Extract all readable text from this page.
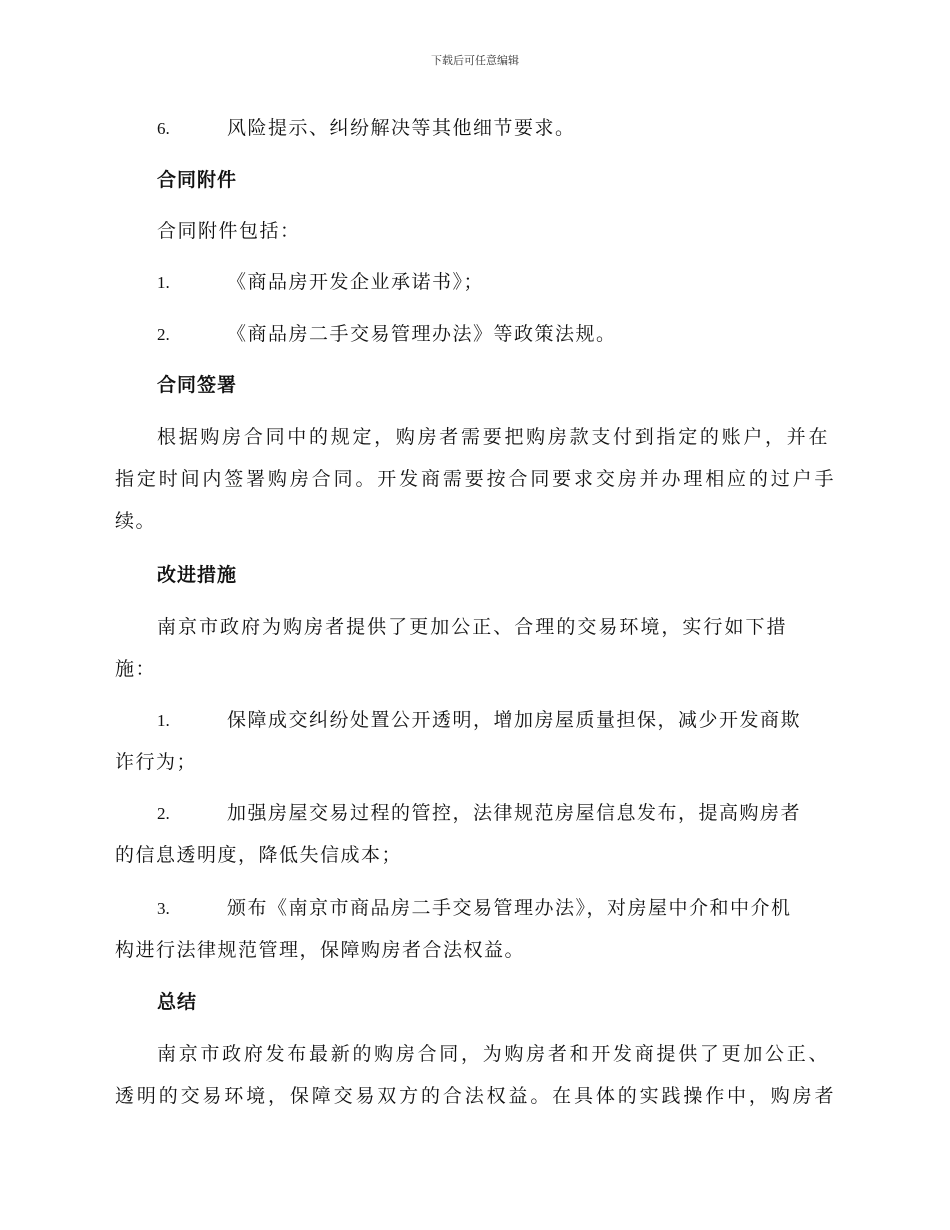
下载后可任意编辑
6.	风险提示、纠纷解决等其他细节要求。
合同附件
合同附件包括：
1.	《商品房开发企业承诺书》；
2.	《商品房二手交易管理办法》等政策法规。
合同签署
根据购房合同中的规定，购房者需要把购房款支付到指定的账户，并在
指定时间内签署购房合同。开发商需要按合同要求交房并办理相应的过户手
续。
改进措施
南京市政府为购房者提供了更加公正、合理的交易环境，实行如下措
施：
1.	保障成交纠纷处置公开透明，增加房屋质量担保，减少开发商欺
诈行为；
2.	加强房屋交易过程的管控，法律规范房屋信息发布，提高购房者
的信息透明度，降低失信成本；
3.	颁布《南京市商品房二手交易管理办法》，对房屋中介和中介机
构进行法律规范管理，保障购房者合法权益。
总结
南京市政府发布最新的购房合同，为购房者和开发商提供了更加公正、
透明的交易环境，保障交易双方的合法权益。在具体的实践操作中，购房者
